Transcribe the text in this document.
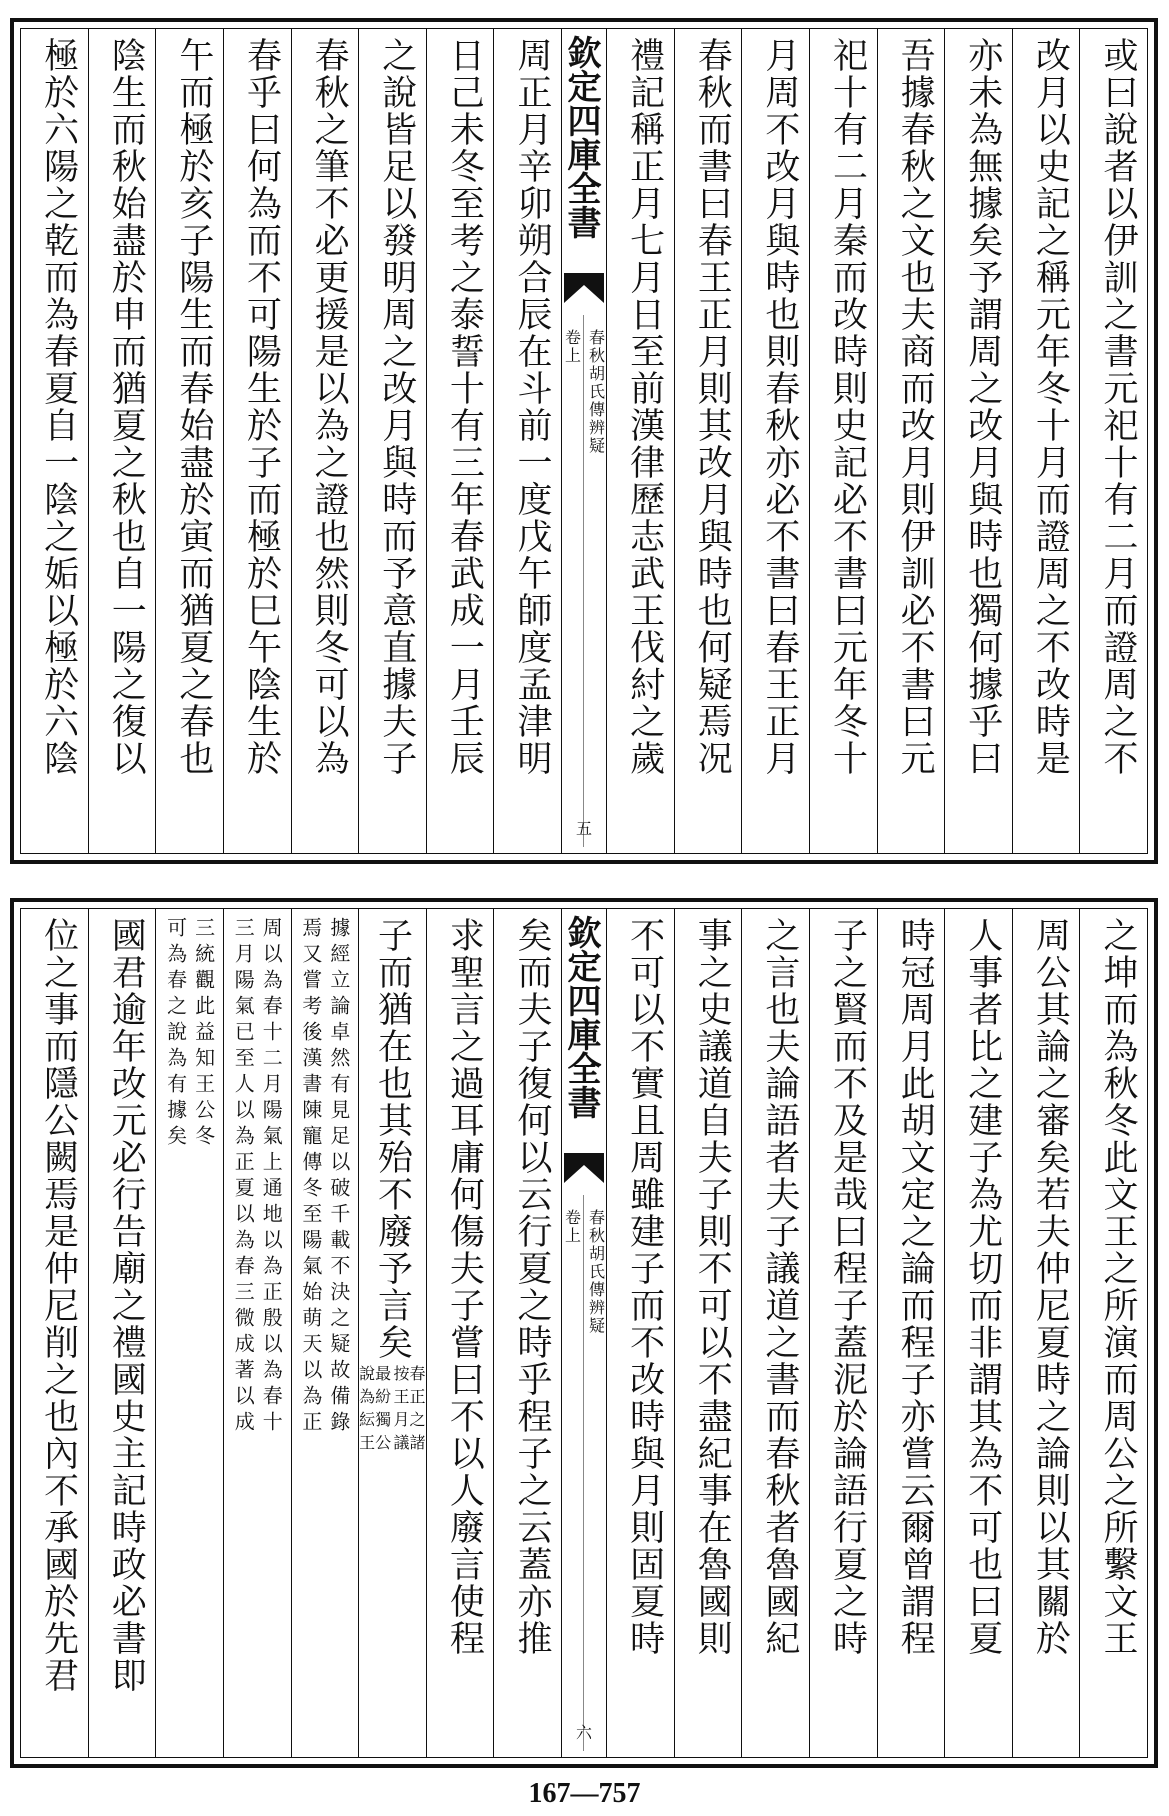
或曰說者以伊訓之書元祀十有二月而證周之不
改月以史記之稱元年冬十月而證周之不改時是
亦未為無據矣予謂周之改月與時也獨何據乎曰
吾據春秋之文也夫商而改月則伊訓必不書曰元
祀十有二月秦而改時則史記必不書曰元年冬十
月周不改月與時也則春秋亦必不書曰春王正月
春秋而書曰春王正月則其改月與時也何疑焉况
禮記稱正月七月日至前漢律歷志武王伐紂之歲
欽定四庫全書
春秋胡氏傳辨疑
卷上
五
周正月辛卯朔合辰在斗前一度戊午師度孟津明
日己未冬至考之泰誓十有三年春武成一月壬辰
之說皆足以發明周之改月與時而予意直據夫子
春秋之筆不必更援是以為之證也然則冬可以為
春乎曰何為而不可陽生於子而極於巳午陰生於
午而極於亥子陽生而春始盡於寅而猶夏之春也
陰生而秋始盡於申而猶夏之秋也自一陽之復以
極於六陽之乾而為春夏自一陰之姤以極於六陰
之坤而為秋冬此文王之所演而周公之所繫文王
周公其論之審矣若夫仲尼夏時之論則以其關於
人事者比之建子為尤切而非謂其為不可也曰夏
時冠周月此胡文定之論而程子亦嘗云爾曾謂程
子之賢而不及是哉曰程子蓋泥於論語行夏之時
之言也夫論語者夫子議道之書而春秋者魯國紀
事之史議道自夫子則不可以不盡紀事在魯國則
不可以不實且周雖建子而不改時與月則固夏時
欽定四庫全書
春秋胡氏傳辨疑
卷上
六
矣而夫子復何以云行夏之時乎程子之云蓋亦推
求聖言之過耳庸何傷夫子嘗曰不以人廢言使程
子而猶在也其殆不廢予言矣
按春王正月之議諸
說最為紛紜獨王公
據經立論卓然有見足以破千載不決之疑故備錄
焉又嘗考後漢書陳寵傳冬至陽氣始萌天以為正
周以為春十二月陽氣上通地以為正殷以為春十
三月陽氣已至人以為正夏以為春三微成著以成
三統觀此益知王公冬
可為春之說為有據矣
國君逾年改元必行告廟之禮國史主記時政必書即
位之事而隱公闕焉是仲尼削之也內不承國於先君
167—757
